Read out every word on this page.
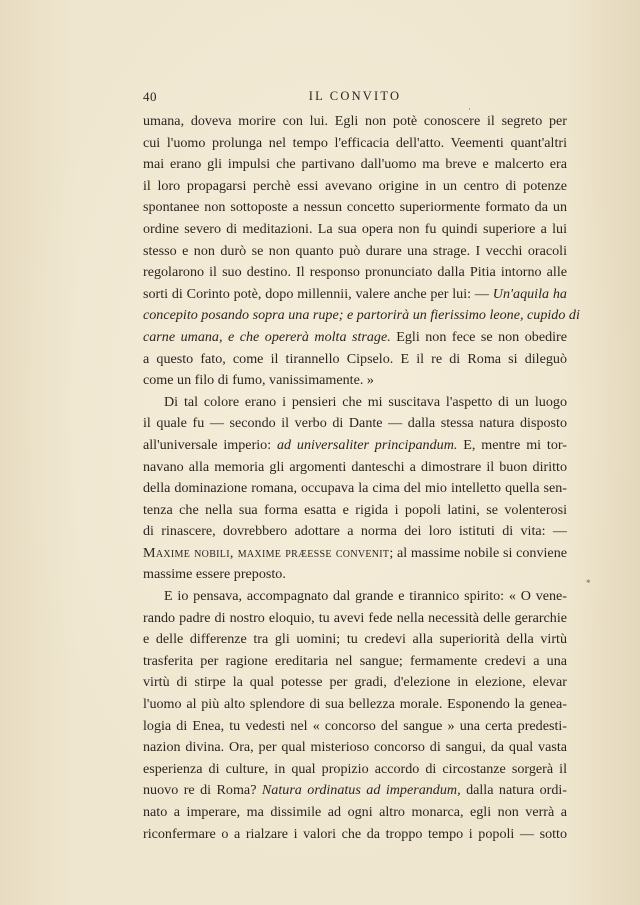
40	IL CONVITO
umana, doveva morire con lui. Egli non potè conoscere il segreto per
cui l'uomo prolunga nel tempo l'efficacia dell'atto. Veementi quant'altri
mai erano gli impulsi che partivano dall'uomo ma breve e malcerto era
il loro propagarsi perchè essi avevano origine in un centro di potenze
spontanee non sottoposte a nessun concetto superiormente formato da un
ordine severo di meditazioni. La sua opera non fu quindi superiore a lui
stesso e non durò se non quanto può durare una strage. I vecchi oracoli
regolarono il suo destino. Il responso pronunciato dalla Pitia intorno alle
sorti di Corinto potè, dopo millennii, valere anche per lui: — Un'aquila ha
concepito posando sopra una rupe; e partorirà un fierissimo leone, cupido di
carne umana, e che opererà molta strage. Egli non fece se non obedire
a questo fato, come il tirannello Cipselo. E il re di Roma si dileguò
come un filo di fumo, vanissimamente. »
Di tal colore erano i pensieri che mi suscitava l'aspetto di un luogo
il quale fu — secondo il verbo di Dante — dalla stessa natura disposto
all'universale imperio: ad universaliter principandum. E, mentre mi tor-
navano alla memoria gli argomenti danteschi a dimostrare il buon diritto
della dominazione romana, occupava la cima del mio intelletto quella sen-
tenza che nella sua forma esatta e rigida i popoli latini, se volenterosi
di rinascere, dovrebbero adottare a norma dei loro istituti di vita: —
Maxime nobili, maxime præesse convenit; al massime nobile si conviene
massime essere preposto.
E io pensava, accompagnato dal grande e tirannico spirito: « O vene-
rando padre di nostro eloquio, tu avevi fede nella necessità delle gerarchie
e delle differenze tra gli uomini; tu credevi alla superiorità della virtù
trasferita per ragione ereditaria nel sangue; fermamente credevi a una
virtù di stirpe la qual potesse per gradi, d'elezione in elezione, elevar
l'uomo al più alto splendore di sua bellezza morale. Esponendo la genea-
logia di Enea, tu vedesti nel « concorso del sangue » una certa predesti-
nazion divina. Ora, per qual misterioso concorso di sangui, da qual vasta
esperienza di culture, in qual propizio accordo di circostanze sorgerà il
nuovo re di Roma? Natura ordinatus ad imperandum, dalla natura ordi-
nato a imperare, ma dissimile ad ogni altro monarca, egli non verrà a
riconfermare o a rialzare i valori che da troppo tempo i popoli — sotto
·
*
